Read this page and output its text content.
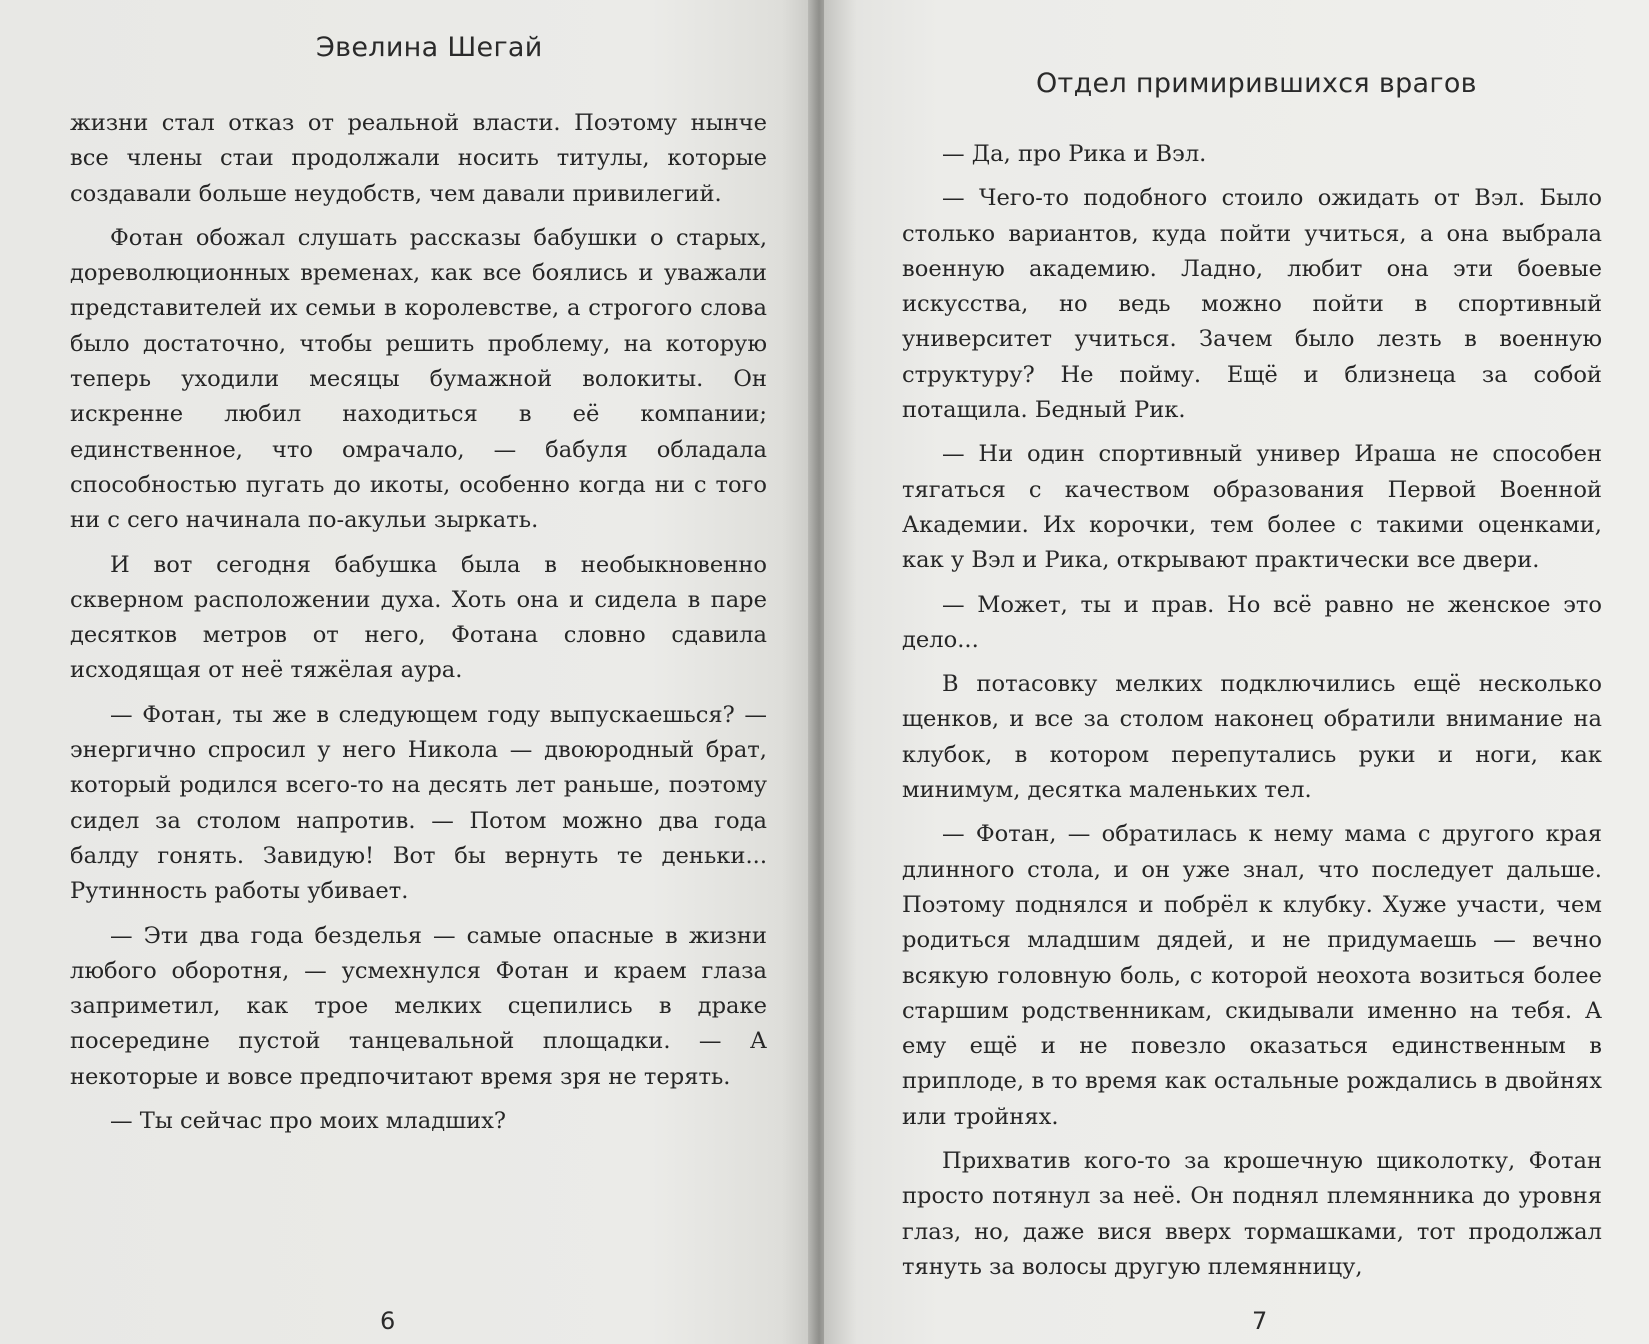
Эвелина Шегай

жизни стал отказ от реальной власти. Поэтому нынче все члены стаи продолжали носить титулы, которые создавали больше неудобств, чем давали привилегий.

Фотан обожал слушать рассказы бабушки о старых, дореволюционных временах, как все боялись и уважали представителей их семьи в королевстве, а строгого слова было достаточно, чтобы решить проблему, на которую теперь уходили месяцы бумажной волокиты. Он искренне любил находиться в её компании; единственное, что омрачало, — бабуля обладала способностью пугать до икоты, особенно когда ни с того ни с сего начинала по-акульи зыркать.

И вот сегодня бабушка была в необыкновенно скверном расположении духа. Хоть она и сидела в паре десятков метров от него, Фотана словно сдавила исходящая от неё тяжёлая аура.

— Фотан, ты же в следующем году выпускаешься? — энергично спросил у него Никола — двоюродный брат, который родился всего-то на десять лет раньше, поэтому сидел за столом напротив. — Потом можно два года балду гонять. Завидую! Вот бы вернуть те деньки... Рутинность работы убивает.

— Эти два года безделья — самые опасные в жизни любого оборотня, — усмехнулся Фотан и краем глаза заприметил, как трое мелких сцепились в драке посередине пустой танцевальной площадки. — А некоторые и вовсе предпочитают время зря не терять.

— Ты сейчас про моих младших?

6
Отдел примирившихся врагов

— Да, про Рика и Вэл.

— Чего-то подобного стоило ожидать от Вэл. Было столько вариантов, куда пойти учиться, а она выбрала военную академию. Ладно, любит она эти боевые искусства, но ведь можно пойти в спортивный университет учиться. Зачем было лезть в военную структуру? Не пойму. Ещё и близнеца за собой потащила. Бедный Рик.

— Ни один спортивный универ Ираша не способен тягаться с качеством образования Первой Военной Академии. Их корочки, тем более с такими оценками, как у Вэл и Рика, открывают практически все двери.

— Может, ты и прав. Но всё равно не женское это дело...

В потасовку мелких подключились ещё несколько щенков, и все за столом наконец обратили внимание на клубок, в котором перепутались руки и ноги, как минимум, десятка маленьких тел.

— Фотан, — обратилась к нему мама с другого края длинного стола, и он уже знал, что последует дальше. Поэтому поднялся и побрёл к клубку. Хуже участи, чем родиться младшим дядей, и не придумаешь — вечно всякую головную боль, с которой неохота возиться более старшим родственникам, скидывали именно на тебя. А ему ещё и не повезло оказаться единственным в приплоде, в то время как остальные рождались в двойнях или тройнях.

Прихватив кого-то за крошечную щиколотку, Фотан просто потянул за неё. Он поднял племянника до уровня глаз, но, даже вися вверх тормашками, тот продолжал тянуть за волосы другую племянницу,

7
